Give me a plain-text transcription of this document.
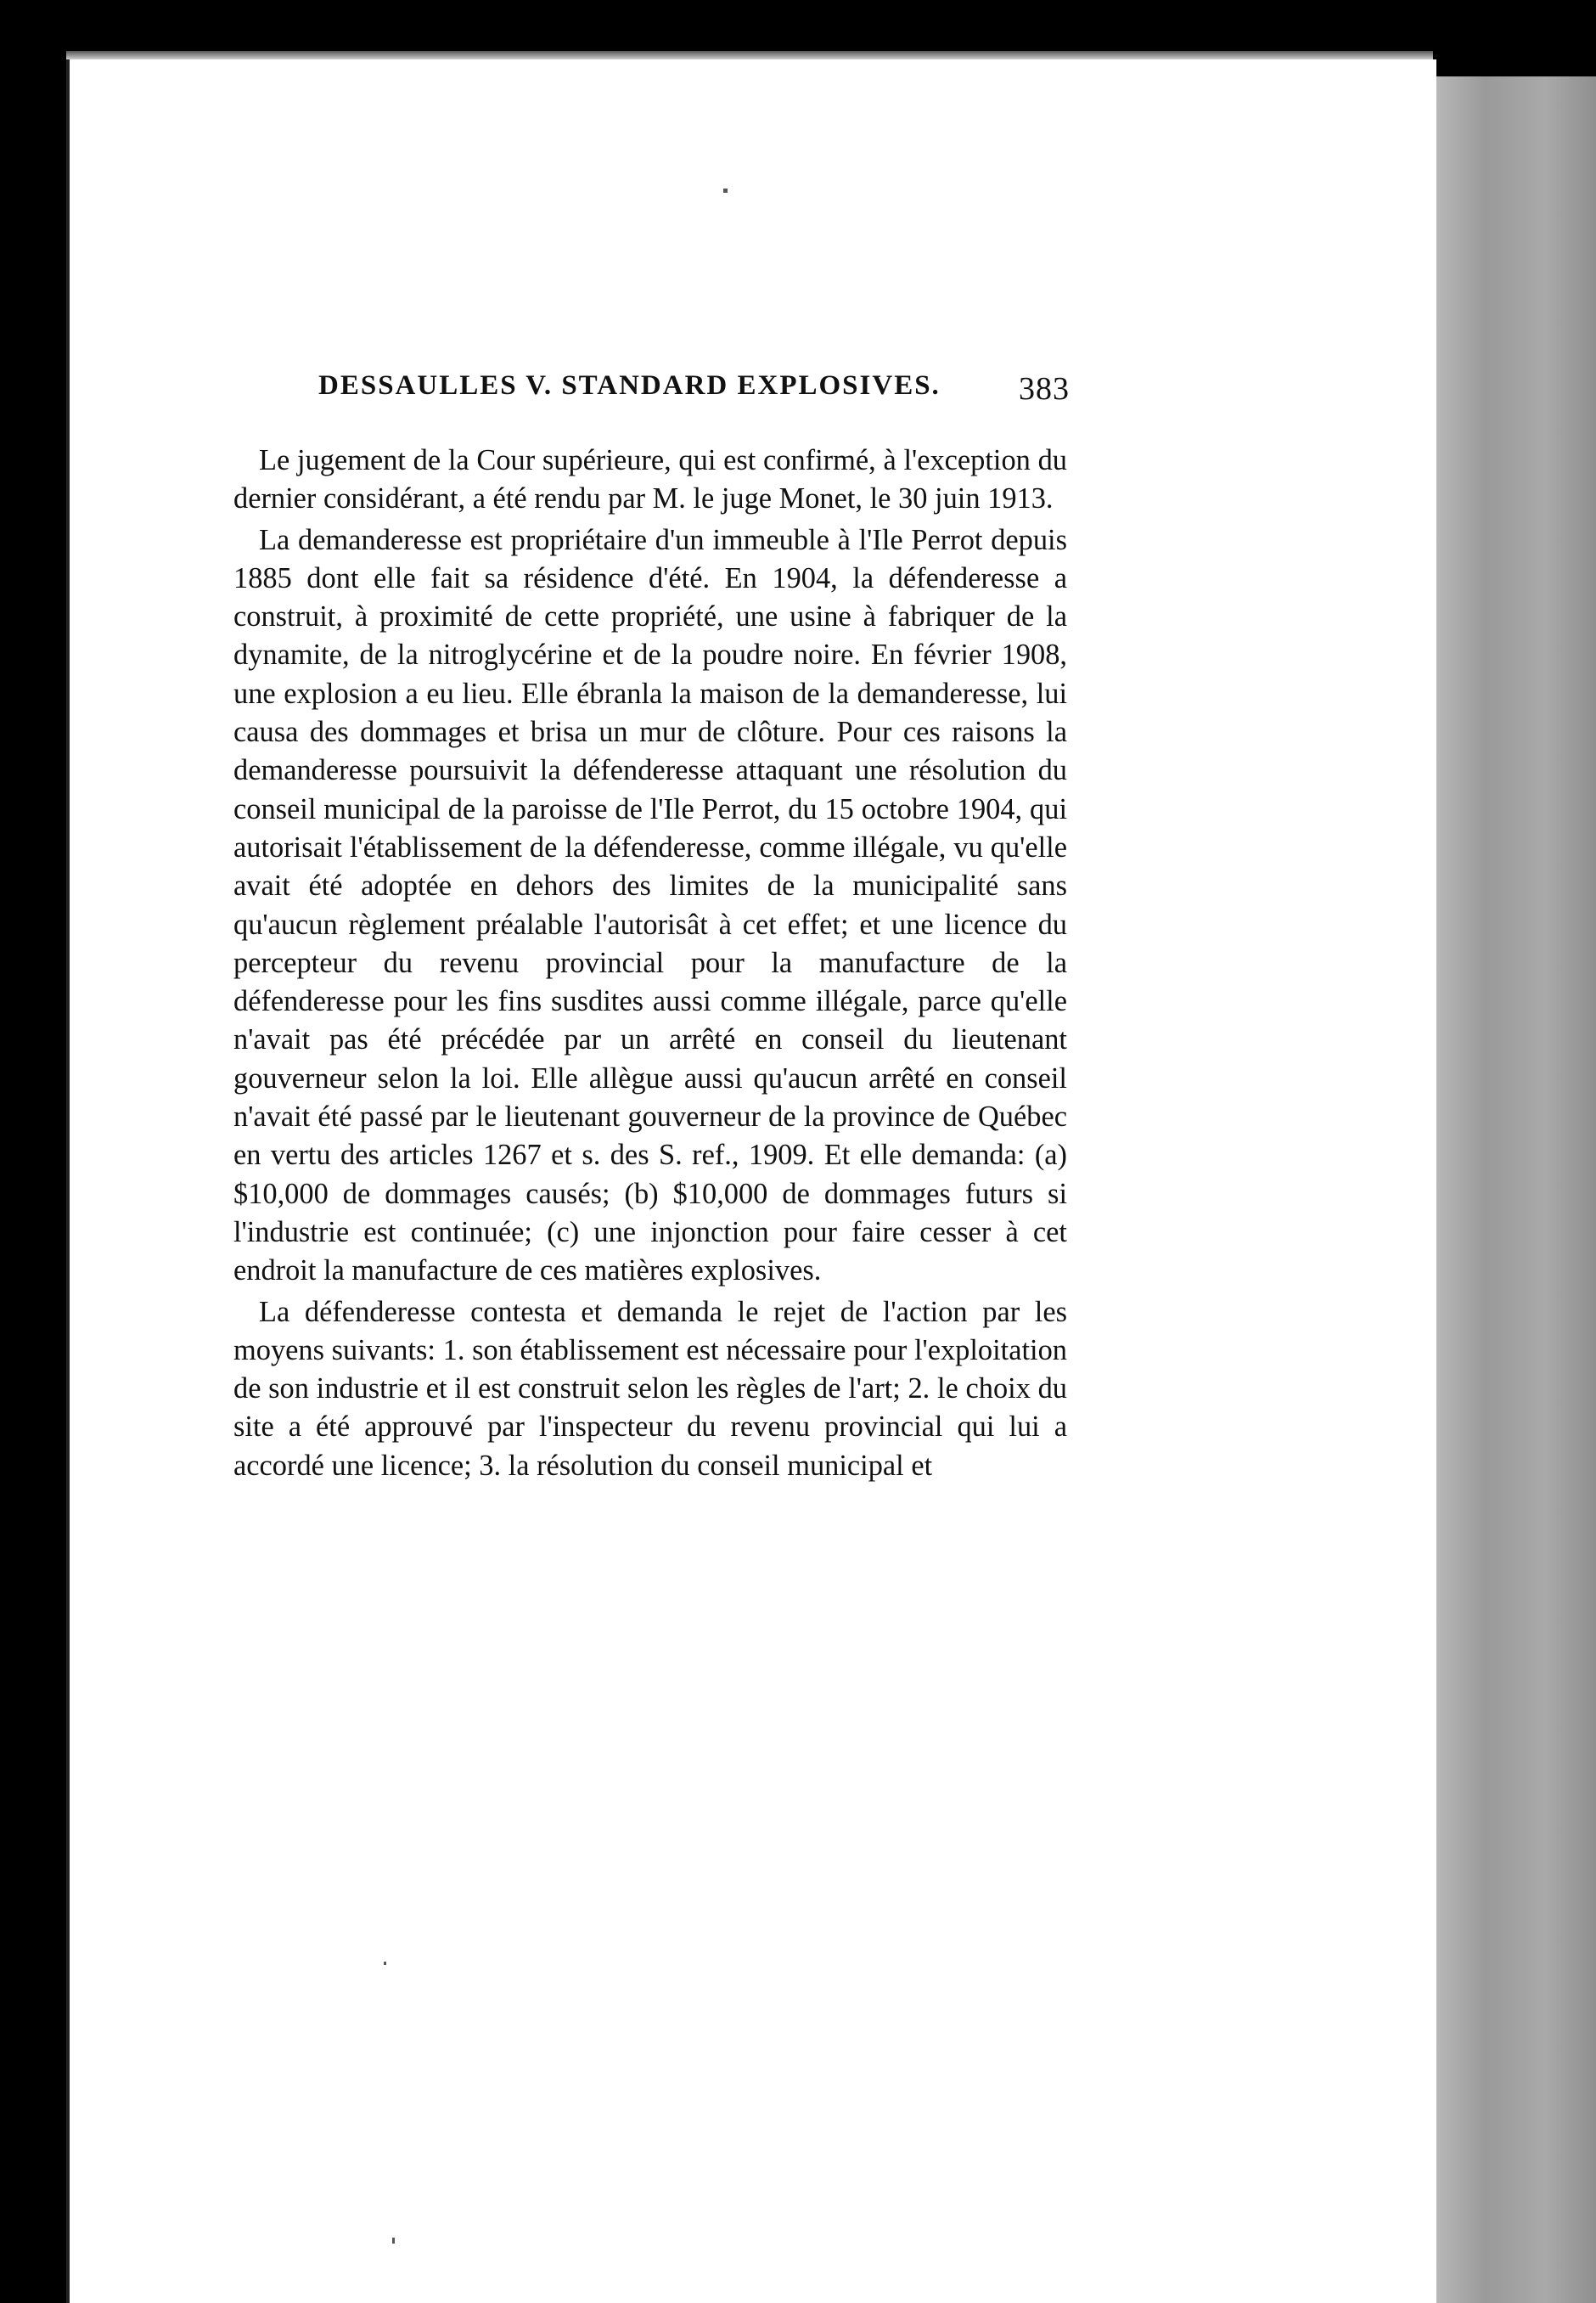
DESSAULLES V. STANDARD EXPLOSIVES. 383

Le jugement de la Cour supérieure, qui est confirmé, à l'exception du dernier considérant, a été rendu par M. le juge Monet, le 30 juin 1913.

La demanderesse est propriétaire d'un immeuble à l'Ile Perrot depuis 1885 dont elle fait sa résidence d'été. En 1904, la défenderesse a construit, à proximité de cette propriété, une usine à fabriquer de la dynamite, de la nitroglycérine et de la poudre noire. En février 1908, une explosion a eu lieu. Elle ébranla la maison de la demanderesse, lui causa des dommages et brisa un mur de clôture. Pour ces raisons la demanderesse poursuivit la défenderesse attaquant une résolution du conseil municipal de la paroisse de l'Ile Perrot, du 15 octobre 1904, qui autorisait l'établissement de la défenderesse, comme illégale, vu qu'elle avait été adoptée en dehors des limites de la municipalité sans qu'aucun règlement préalable l'autorisât à cet effet; et une licence du percepteur du revenu provincial pour la manufacture de la défenderesse pour les fins susdites aussi comme illégale, parce qu'elle n'avait pas été précédée par un arrêté en conseil du lieutenant gouverneur selon la loi. Elle allègue aussi qu'aucun arrêté en conseil n'avait été passé par le lieutenant gouverneur de la province de Québec en vertu des articles 1267 et s. des S. ref., 1909. Et elle demanda: (a) $10,000 de dommages causés; (b) $10,000 de dommages futurs si l'industrie est continuée; (c) une injonction pour faire cesser à cet endroit la manufacture de ces matières explosives.

La défenderesse contesta et demanda le rejet de l'action par les moyens suivants: 1. son établissement est nécessaire pour l'exploitation de son industrie et il est construit selon les règles de l'art; 2. le choix du site a été approuvé par l'inspecteur du revenu provincial qui lui a accordé une licence; 3. la résolution du conseil municipal et
